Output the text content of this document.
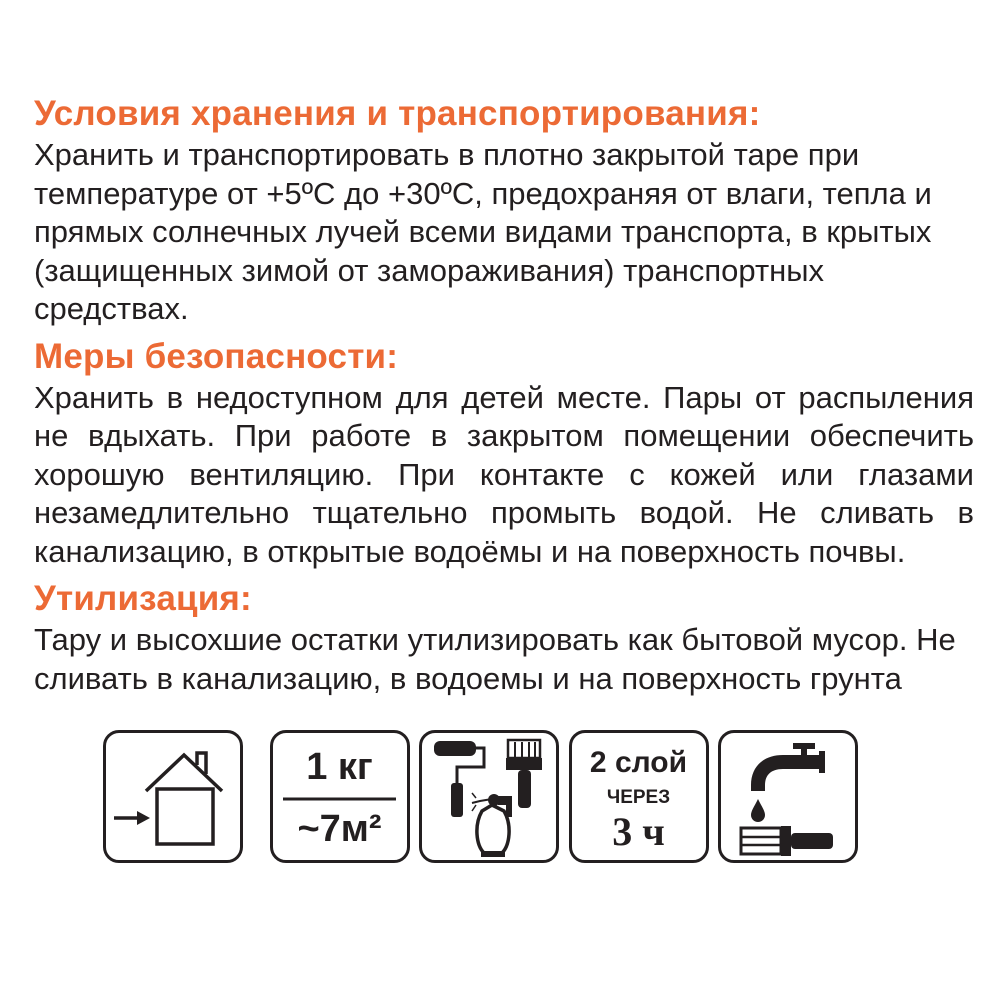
Условия хранения и транспортирования:
Хранить и транспортировать в плотно закрытой таре при
температуре от +5ºС до +30ºС, предохраняя от влаги, тепла и
прямых солнечных лучей всеми видами транспорта, в крытых
(защищенных зимой от замораживания) транспортных
средствах.
Меры безопасности:

Хранить в недоступном для детей месте. Пары от распыления не вдыхать. При работе в закрытом помещении обеспечить хорошую вентиляцию. При контакте с кожей или глазами незамедлительно тщательно промыть водой. Не сливать в канализацию, в открытые водоёмы и на поверхность почвы.

Утилизация:
Тару и высохшие остатки утилизировать как бытовой мусор. Не
сливать в канализацию, в водоемы и на поверхность грунта
1 кг
~7м²
2 слой
ЧЕРЕЗ
3 ч
